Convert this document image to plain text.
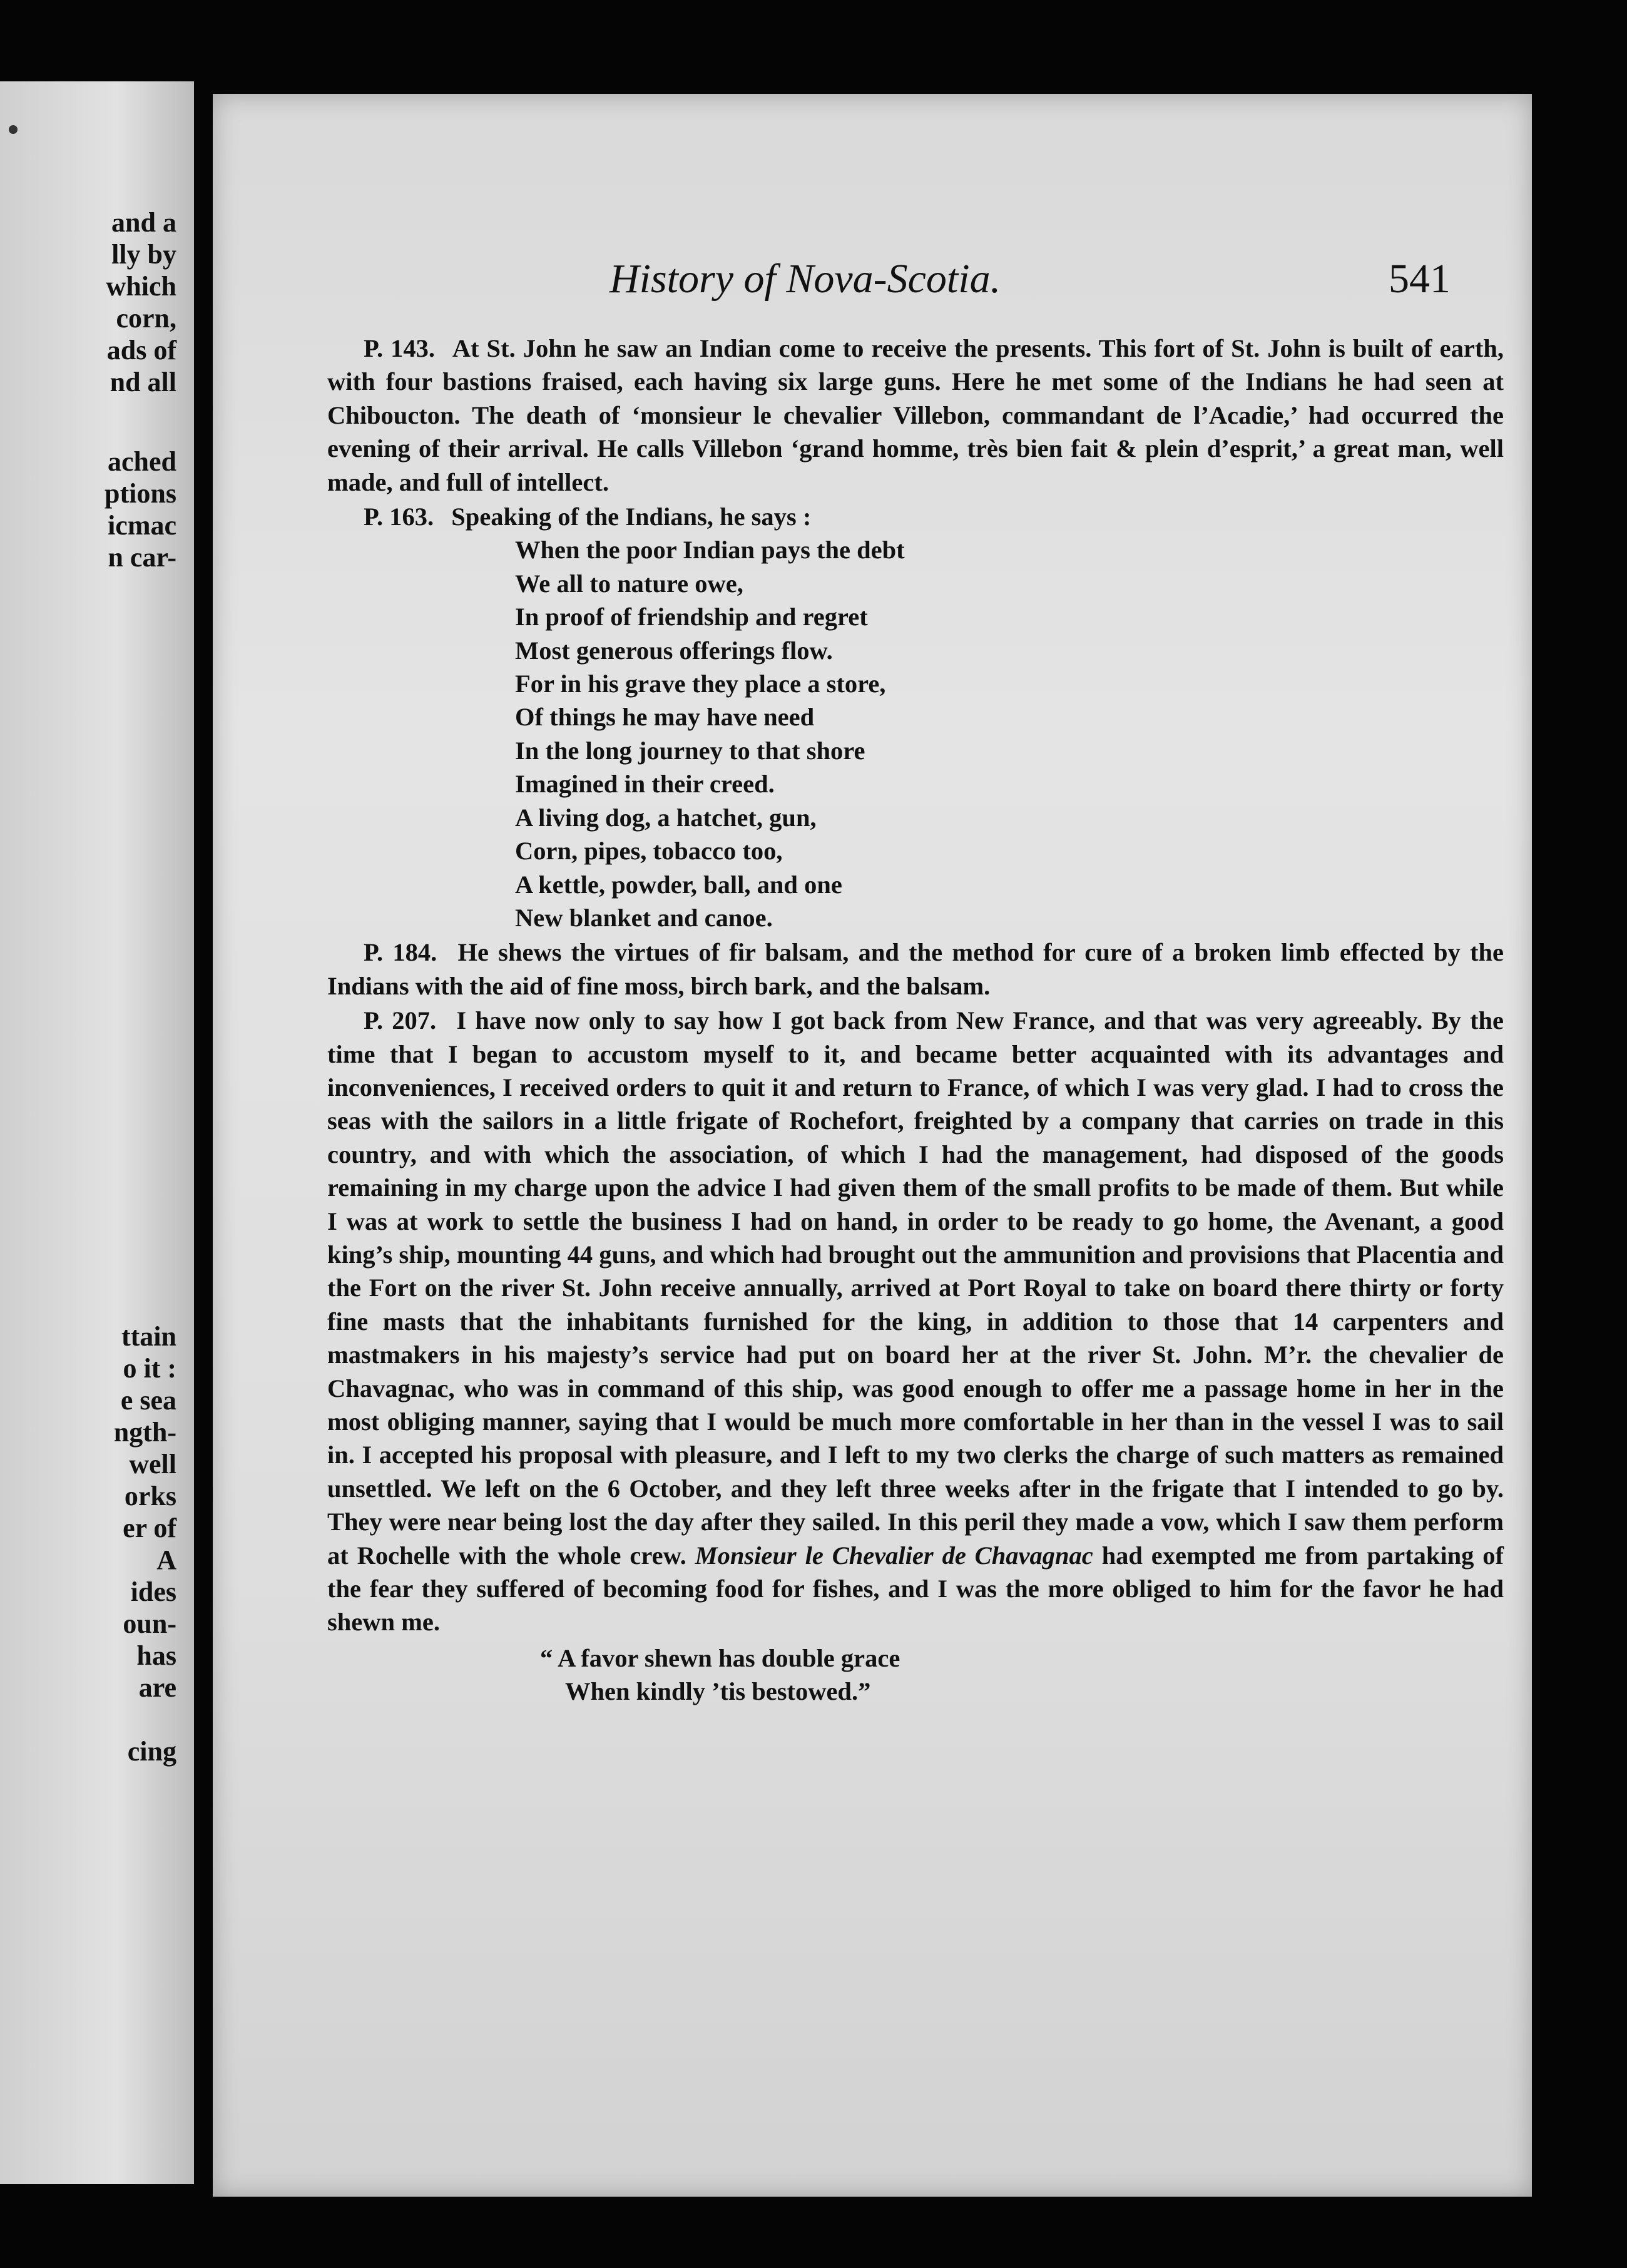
and a

lly by

which

corn,

ads of

nd all

ached

ptions

icmac

n car-

ttain

o it :

e sea

ngth-

well

orks

er of

A

ides

oun-

has

are

cing

History of Nova-Scotia.	541

P. 143. At St. John he saw an Indian come to receive the presents. This fort of St. John is built of earth, with four bastions fraised, each having six large guns. Here he met some of the Indians he had seen at Chiboucton. The death of ‘monsieur le chevalier Villebon, commandant de l’Acadie,’ had occurred the evening of their arrival. He calls Villebon ‘grand homme, très bien fait & plein d’esprit,’ a great man, well made, and full of intellect.

P. 163. Speaking of the Indians, he says :

When the poor Indian pays the debt
We all to nature owe,
In proof of friendship and regret
Most generous offerings flow.
For in his grave they place a store,
Of things he may have need
In the long journey to that shore
Imagined in their creed.
A living dog, a hatchet, gun,
Corn, pipes, tobacco too,
A kettle, powder, ball, and one
New blanket and canoe.

P. 184. He shews the virtues of fir balsam, and the method for cure of a broken limb effected by the Indians with the aid of fine moss, birch bark, and the balsam.

P. 207. I have now only to say how I got back from New France, and that was very agreeably. By the time that I began to accustom myself to it, and became better acquainted with its advantages and inconveniences, I received orders to quit it and return to France, of which I was very glad. I had to cross the seas with the sailors in a little frigate of Rochefort, freighted by a company that carries on trade in this country, and with which the association, of which I had the management, had disposed of the goods remaining in my charge upon the advice I had given them of the small profits to be made of them. But while I was at work to settle the business I had on hand, in order to be ready to go home, the Avenant, a good king’s ship, mounting 44 guns, and which had brought out the ammunition and provisions that Placentia and the Fort on the river St. John receive annually, arrived at Port Royal to take on board there thirty or forty fine masts that the inhabitants furnished for the king, in addition to those that 14 carpenters and mastmakers in his majesty’s service had put on board her at the river St. John. M’r. the chevalier de Chavagnac, who was in command of this ship, was good enough to offer me a passage home in her in the most obliging manner, saying that I would be much more comfortable in her than in the vessel I was to sail in. I accepted his proposal with pleasure, and I left to my two clerks the charge of such matters as remained unsettled. We left on the 6 October, and they left three weeks after in the frigate that I intended to go by. They were near being lost the day after they sailed. In this peril they made a vow, which I saw them perform at Rochelle with the whole crew. Monsieur le Chevalier de Chavagnac had exempted me from partaking of the fear they suffered of becoming food for fishes, and I was the more obliged to him for the favor he had shewn me.

“ A favor shewn has double grace
When kindly ’tis bestowed.”
